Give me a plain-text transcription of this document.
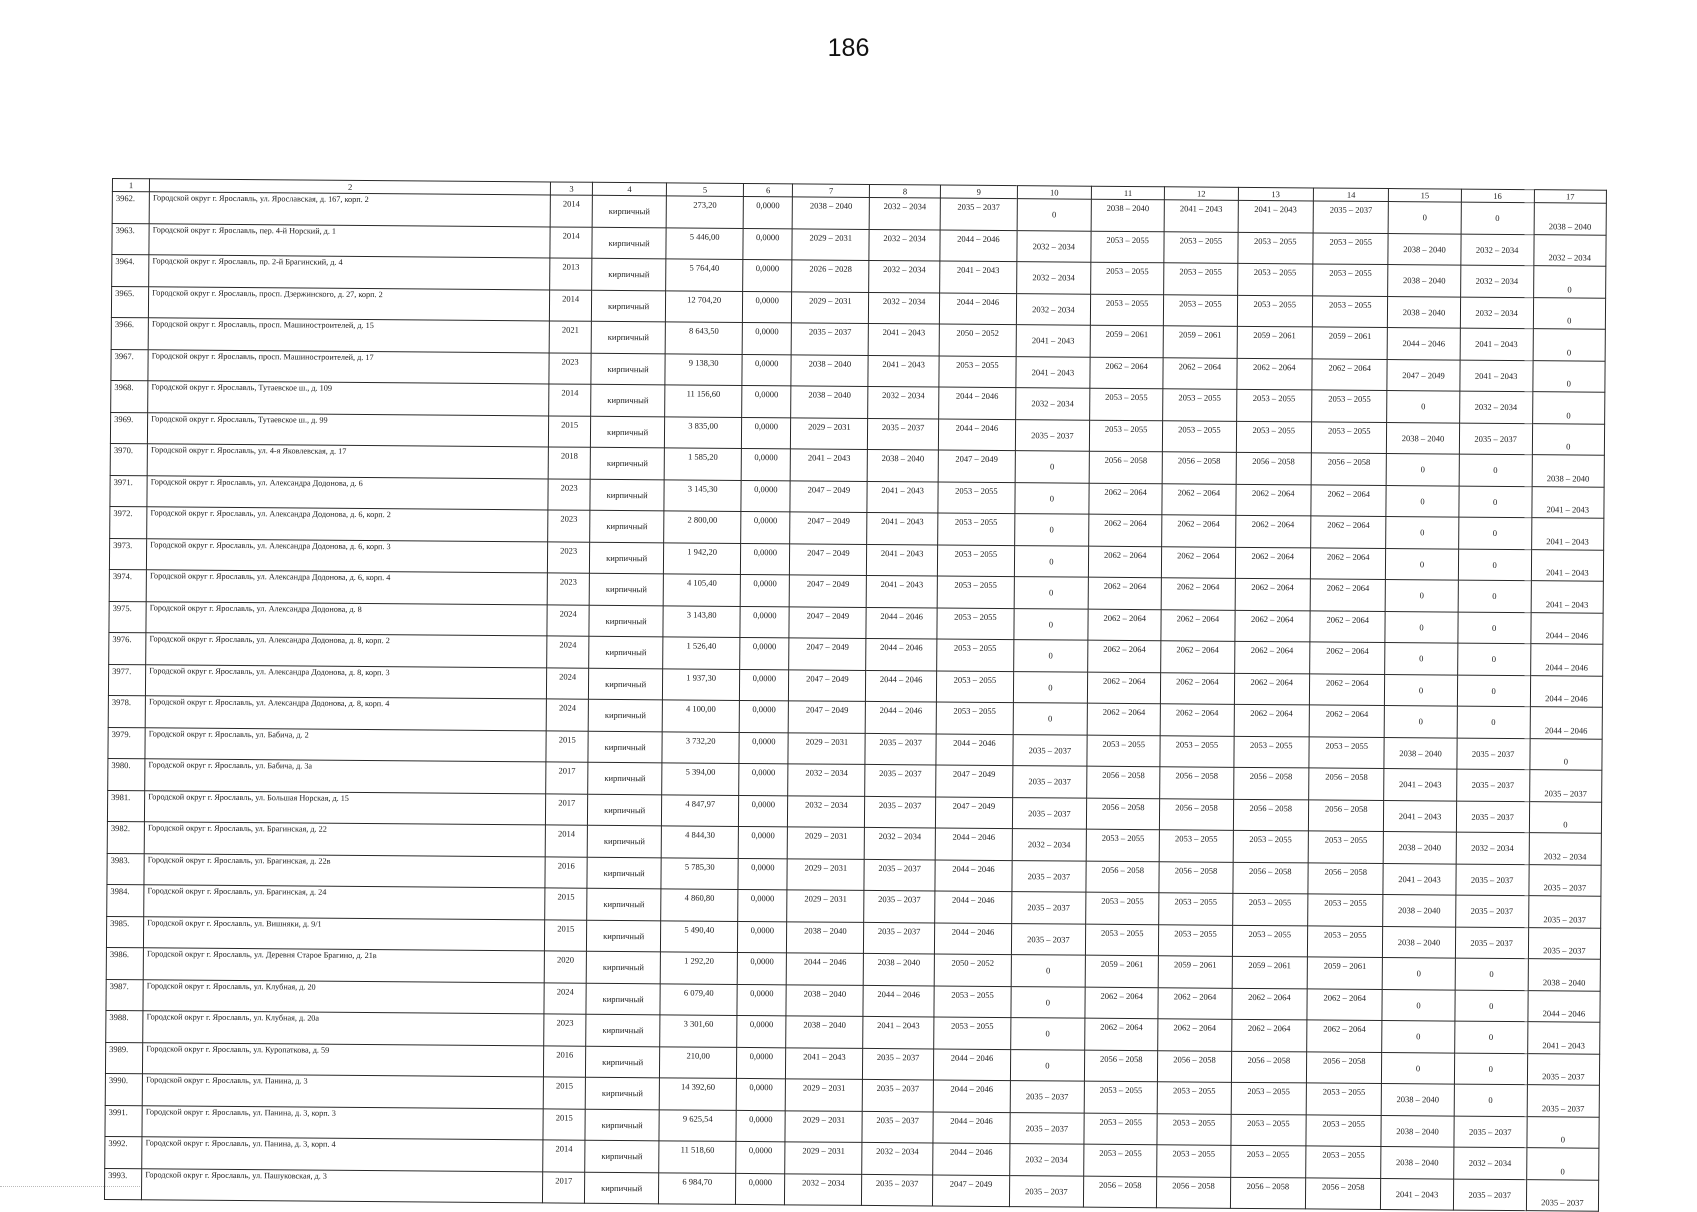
186
1	2	3	4	5	6	7	8	9	10	11	12	13	14	15	16	17
3962.	Городской округ г. Ярославль, ул. Ярославская, д. 167, корп. 2	2014	кирпичный	273,20	0,0000	2038 – 2040	2032 – 2034	2035 – 2037	0	2038 – 2040	2041 – 2043	2041 – 2043	2035 – 2037	0	0	2038 – 2040
3963.	Городской округ г. Ярославль, пер. 4-й Норский, д. 1	2014	кирпичный	5 446,00	0,0000	2029 – 2031	2032 – 2034	2044 – 2046	2032 – 2034	2053 – 2055	2053 – 2055	2053 – 2055	2053 – 2055	2038 – 2040	2032 – 2034	2032 – 2034
3964.	Городской округ г. Ярославль, пр. 2-й Брагинский, д. 4	2013	кирпичный	5 764,40	0,0000	2026 – 2028	2032 – 2034	2041 – 2043	2032 – 2034	2053 – 2055	2053 – 2055	2053 – 2055	2053 – 2055	2038 – 2040	2032 – 2034	0
3965.	Городской округ г. Ярославль, просп. Дзержинского, д. 27, корп. 2	2014	кирпичный	12 704,20	0,0000	2029 – 2031	2032 – 2034	2044 – 2046	2032 – 2034	2053 – 2055	2053 – 2055	2053 – 2055	2053 – 2055	2038 – 2040	2032 – 2034	0
3966.	Городской округ г. Ярославль, просп. Машиностроителей, д. 15	2021	кирпичный	8 643,50	0,0000	2035 – 2037	2041 – 2043	2050 – 2052	2041 – 2043	2059 – 2061	2059 – 2061	2059 – 2061	2059 – 2061	2044 – 2046	2041 – 2043	0
3967.	Городской округ г. Ярославль, просп. Машиностроителей, д. 17	2023	кирпичный	9 138,30	0,0000	2038 – 2040	2041 – 2043	2053 – 2055	2041 – 2043	2062 – 2064	2062 – 2064	2062 – 2064	2062 – 2064	2047 – 2049	2041 – 2043	0
3968.	Городской округ г. Ярославль, Тутаевское ш., д. 109	2014	кирпичный	11 156,60	0,0000	2038 – 2040	2032 – 2034	2044 – 2046	2032 – 2034	2053 – 2055	2053 – 2055	2053 – 2055	2053 – 2055	0	2032 – 2034	0
3969.	Городской округ г. Ярославль, Тутаевское ш., д. 99	2015	кирпичный	3 835,00	0,0000	2029 – 2031	2035 – 2037	2044 – 2046	2035 – 2037	2053 – 2055	2053 – 2055	2053 – 2055	2053 – 2055	2038 – 2040	2035 – 2037	0
3970.	Городской округ г. Ярославль, ул. 4-я Яковлевская, д. 17	2018	кирпичный	1 585,20	0,0000	2041 – 2043	2038 – 2040	2047 – 2049	0	2056 – 2058	2056 – 2058	2056 – 2058	2056 – 2058	0	0	2038 – 2040
3971.	Городской округ г. Ярославль, ул. Александра Додонова, д. 6	2023	кирпичный	3 145,30	0,0000	2047 – 2049	2041 – 2043	2053 – 2055	0	2062 – 2064	2062 – 2064	2062 – 2064	2062 – 2064	0	0	2041 – 2043
3972.	Городской округ г. Ярославль, ул. Александра Додонова, д. 6, корп. 2	2023	кирпичный	2 800,00	0,0000	2047 – 2049	2041 – 2043	2053 – 2055	0	2062 – 2064	2062 – 2064	2062 – 2064	2062 – 2064	0	0	2041 – 2043
3973.	Городской округ г. Ярославль, ул. Александра Додонова, д. 6, корп. 3	2023	кирпичный	1 942,20	0,0000	2047 – 2049	2041 – 2043	2053 – 2055	0	2062 – 2064	2062 – 2064	2062 – 2064	2062 – 2064	0	0	2041 – 2043
3974.	Городской округ г. Ярославль, ул. Александра Додонова, д. 6, корп. 4	2023	кирпичный	4 105,40	0,0000	2047 – 2049	2041 – 2043	2053 – 2055	0	2062 – 2064	2062 – 2064	2062 – 2064	2062 – 2064	0	0	2041 – 2043
3975.	Городской округ г. Ярославль, ул. Александра Додонова, д. 8	2024	кирпичный	3 143,80	0,0000	2047 – 2049	2044 – 2046	2053 – 2055	0	2062 – 2064	2062 – 2064	2062 – 2064	2062 – 2064	0	0	2044 – 2046
3976.	Городской округ г. Ярославль, ул. Александра Додонова, д. 8, корп. 2	2024	кирпичный	1 526,40	0,0000	2047 – 2049	2044 – 2046	2053 – 2055	0	2062 – 2064	2062 – 2064	2062 – 2064	2062 – 2064	0	0	2044 – 2046
3977.	Городской округ г. Ярославль, ул. Александра Додонова, д. 8, корп. 3	2024	кирпичный	1 937,30	0,0000	2047 – 2049	2044 – 2046	2053 – 2055	0	2062 – 2064	2062 – 2064	2062 – 2064	2062 – 2064	0	0	2044 – 2046
3978.	Городской округ г. Ярославль, ул. Александра Додонова, д. 8, корп. 4	2024	кирпичный	4 100,00	0,0000	2047 – 2049	2044 – 2046	2053 – 2055	0	2062 – 2064	2062 – 2064	2062 – 2064	2062 – 2064	0	0	2044 – 2046
3979.	Городской округ г. Ярославль, ул. Бабича, д. 2	2015	кирпичный	3 732,20	0,0000	2029 – 2031	2035 – 2037	2044 – 2046	2035 – 2037	2053 – 2055	2053 – 2055	2053 – 2055	2053 – 2055	2038 – 2040	2035 – 2037	0
3980.	Городской округ г. Ярославль, ул. Бабича, д. 3а	2017	кирпичный	5 394,00	0,0000	2032 – 2034	2035 – 2037	2047 – 2049	2035 – 2037	2056 – 2058	2056 – 2058	2056 – 2058	2056 – 2058	2041 – 2043	2035 – 2037	2035 – 2037
3981.	Городской округ г. Ярославль, ул. Большая Норская, д. 15	2017	кирпичный	4 847,97	0,0000	2032 – 2034	2035 – 2037	2047 – 2049	2035 – 2037	2056 – 2058	2056 – 2058	2056 – 2058	2056 – 2058	2041 – 2043	2035 – 2037	0
3982.	Городской округ г. Ярославль, ул. Брагинская, д. 22	2014	кирпичный	4 844,30	0,0000	2029 – 2031	2032 – 2034	2044 – 2046	2032 – 2034	2053 – 2055	2053 – 2055	2053 – 2055	2053 – 2055	2038 – 2040	2032 – 2034	2032 – 2034
3983.	Городской округ г. Ярославль, ул. Брагинская, д. 22в	2016	кирпичный	5 785,30	0,0000	2029 – 2031	2035 – 2037	2044 – 2046	2035 – 2037	2056 – 2058	2056 – 2058	2056 – 2058	2056 – 2058	2041 – 2043	2035 – 2037	2035 – 2037
3984.	Городской округ г. Ярославль, ул. Брагинская, д. 24	2015	кирпичный	4 860,80	0,0000	2029 – 2031	2035 – 2037	2044 – 2046	2035 – 2037	2053 – 2055	2053 – 2055	2053 – 2055	2053 – 2055	2038 – 2040	2035 – 2037	2035 – 2037
3985.	Городской округ г. Ярославль, ул. Вишняки, д. 9/1	2015	кирпичный	5 490,40	0,0000	2038 – 2040	2035 – 2037	2044 – 2046	2035 – 2037	2053 – 2055	2053 – 2055	2053 – 2055	2053 – 2055	2038 – 2040	2035 – 2037	2035 – 2037
3986.	Городской округ г. Ярославль, ул. Деревня Старое Брагино, д. 21в	2020	кирпичный	1 292,20	0,0000	2044 – 2046	2038 – 2040	2050 – 2052	0	2059 – 2061	2059 – 2061	2059 – 2061	2059 – 2061	0	0	2038 – 2040
3987.	Городской округ г. Ярославль, ул. Клубная, д. 20	2024	кирпичный	6 079,40	0,0000	2038 – 2040	2044 – 2046	2053 – 2055	0	2062 – 2064	2062 – 2064	2062 – 2064	2062 – 2064	0	0	2044 – 2046
3988.	Городской округ г. Ярославль, ул. Клубная, д. 20а	2023	кирпичный	3 301,60	0,0000	2038 – 2040	2041 – 2043	2053 – 2055	0	2062 – 2064	2062 – 2064	2062 – 2064	2062 – 2064	0	0	2041 – 2043
3989.	Городской округ г. Ярославль, ул. Куропаткова, д. 59	2016	кирпичный	210,00	0,0000	2041 – 2043	2035 – 2037	2044 – 2046	0	2056 – 2058	2056 – 2058	2056 – 2058	2056 – 2058	0	0	2035 – 2037
3990.	Городской округ г. Ярославль, ул. Панина, д. 3	2015	кирпичный	14 392,60	0,0000	2029 – 2031	2035 – 2037	2044 – 2046	2035 – 2037	2053 – 2055	2053 – 2055	2053 – 2055	2053 – 2055	2038 – 2040	0	2035 – 2037
3991.	Городской округ г. Ярославль, ул. Панина, д. 3, корп. 3	2015	кирпичный	9 625,54	0,0000	2029 – 2031	2035 – 2037	2044 – 2046	2035 – 2037	2053 – 2055	2053 – 2055	2053 – 2055	2053 – 2055	2038 – 2040	2035 – 2037	0
3992.	Городской округ г. Ярославль, ул. Панина, д. 3, корп. 4	2014	кирпичный	11 518,60	0,0000	2029 – 2031	2032 – 2034	2044 – 2046	2032 – 2034	2053 – 2055	2053 – 2055	2053 – 2055	2053 – 2055	2038 – 2040	2032 – 2034	0
3993.	Городской округ г. Ярославль, ул. Пашуковская, д. 3	2017	кирпичный	6 984,70	0,0000	2032 – 2034	2035 – 2037	2047 – 2049	2035 – 2037	2056 – 2058	2056 – 2058	2056 – 2058	2056 – 2058	2041 – 2043	2035 – 2037	2035 – 2037
